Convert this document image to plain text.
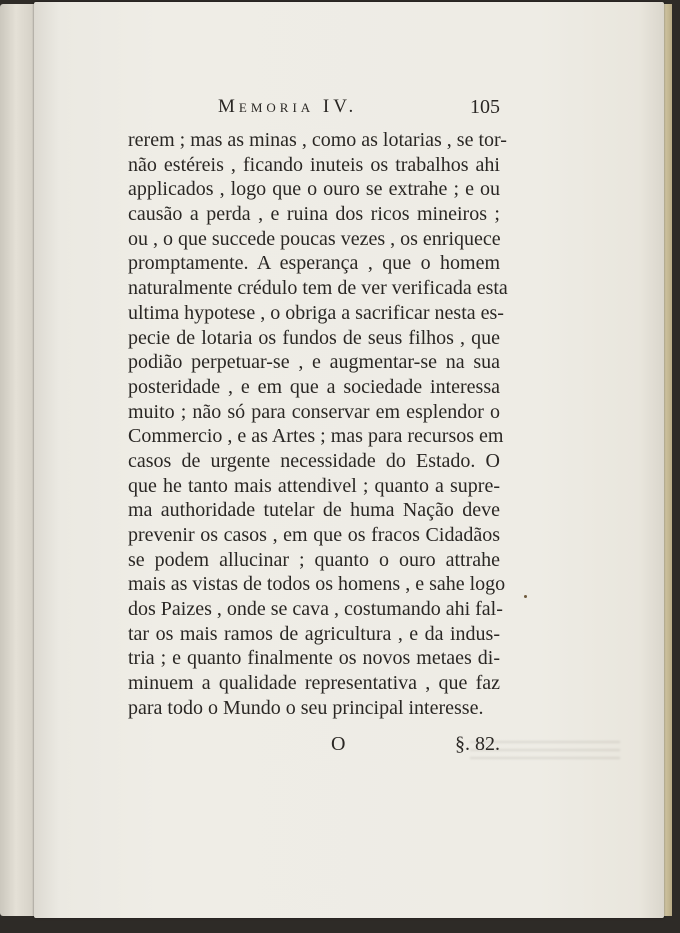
Memoria IV.	105
rerem ; mas as minas , como as lotarias , se tor-
não estéreis , ficando inuteis os trabalhos ahi
applicados , logo que o ouro se extrahe ; e ou
causão a perda , e ruina dos ricos mineiros ;
ou , o que succede poucas vezes , os enriquece
promptamente. A esperança , que o homem
naturalmente crédulo tem de ver verificada esta
ultima hypotese , o obriga a sacrificar nesta es-
pecie de lotaria os fundos de seus filhos , que
podião perpetuar-se , e augmentar-se na sua
posteridade , e em que a sociedade interessa
muito ; não só para conservar em esplendor o
Commercio , e as Artes ; mas para recursos em
casos de urgente necessidade do Estado. O
que he tanto mais attendivel ; quanto a supre-
ma authoridade tutelar de huma Nação deve
prevenir os casos , em que os fracos Cidadãos
se podem allucinar ; quanto o ouro attrahe
mais as vistas de todos os homens , e sahe logo
dos Paizes , onde se cava , costumando ahi fal-
tar os mais ramos de agricultura , e da indus-
tria ; e quanto finalmente os novos metaes di-
minuem a qualidade representativa , que faz
para todo o Mundo o seu principal interesse.
O	§. 82.
